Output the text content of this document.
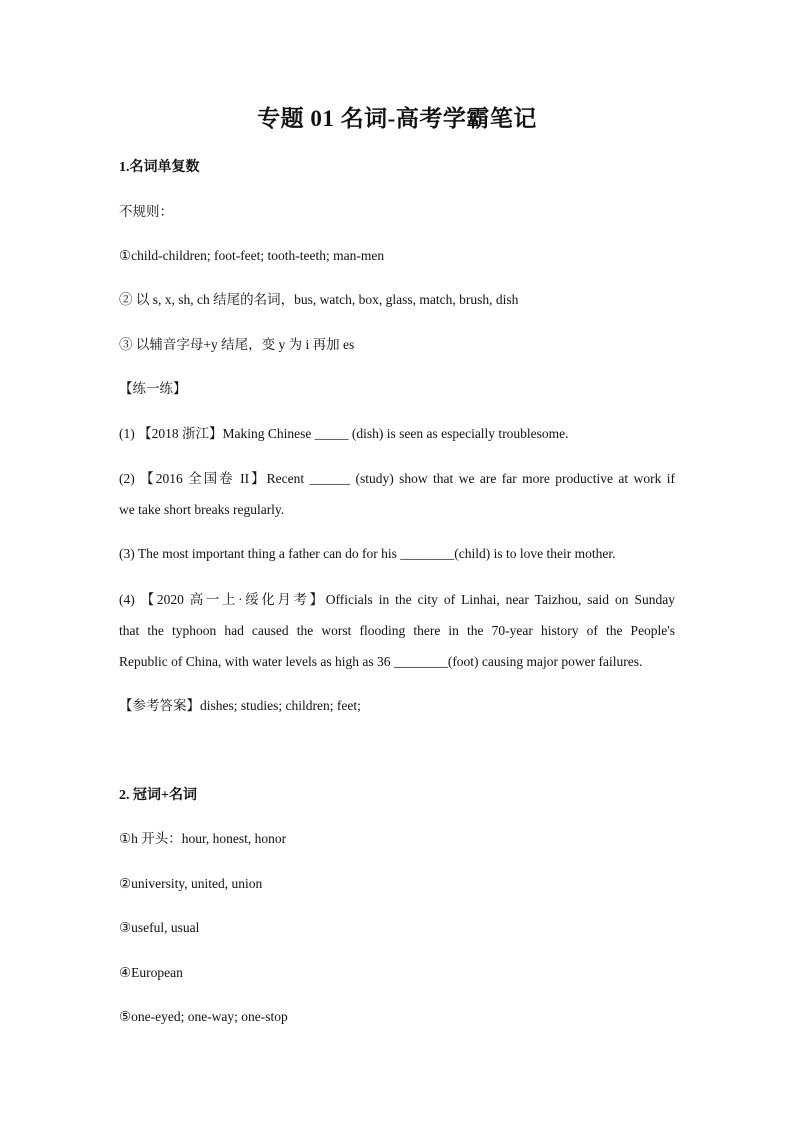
专题 01 名词-高考学霸笔记
1.名词单复数
不规则：
①child-children; foot-feet; tooth-teeth; man-men
② 以 s, x, sh, ch 结尾的名词，bus, watch, box, glass, match, brush, dish
③ 以辅音字母+y 结尾，变 y 为 i 再加 es
【练一练】
(1) 【2018 浙江】Making Chinese _____ (dish) is seen as especially troublesome.
(2) 【2016 全国卷 II】Recent ______ (study) show that we are far more productive at work if
we take short breaks regularly.
(3) The most important thing a father can do for his ________(child) is to love their mother.
(4) 【2020 高一上·绥化月考】Officials in the city of Linhai, near Taizhou, said on Sunday
that the typhoon had caused the worst flooding there in the 70-year history of the People's
Republic of China, with water levels as high as 36 ________(foot) causing major power failures.
【参考答案】dishes; studies; children; feet;
2. 冠词+名词
①h 开头：hour, honest, honor
②university, united, union
③useful, usual
④European
⑤one-eyed; one-way; one-stop
